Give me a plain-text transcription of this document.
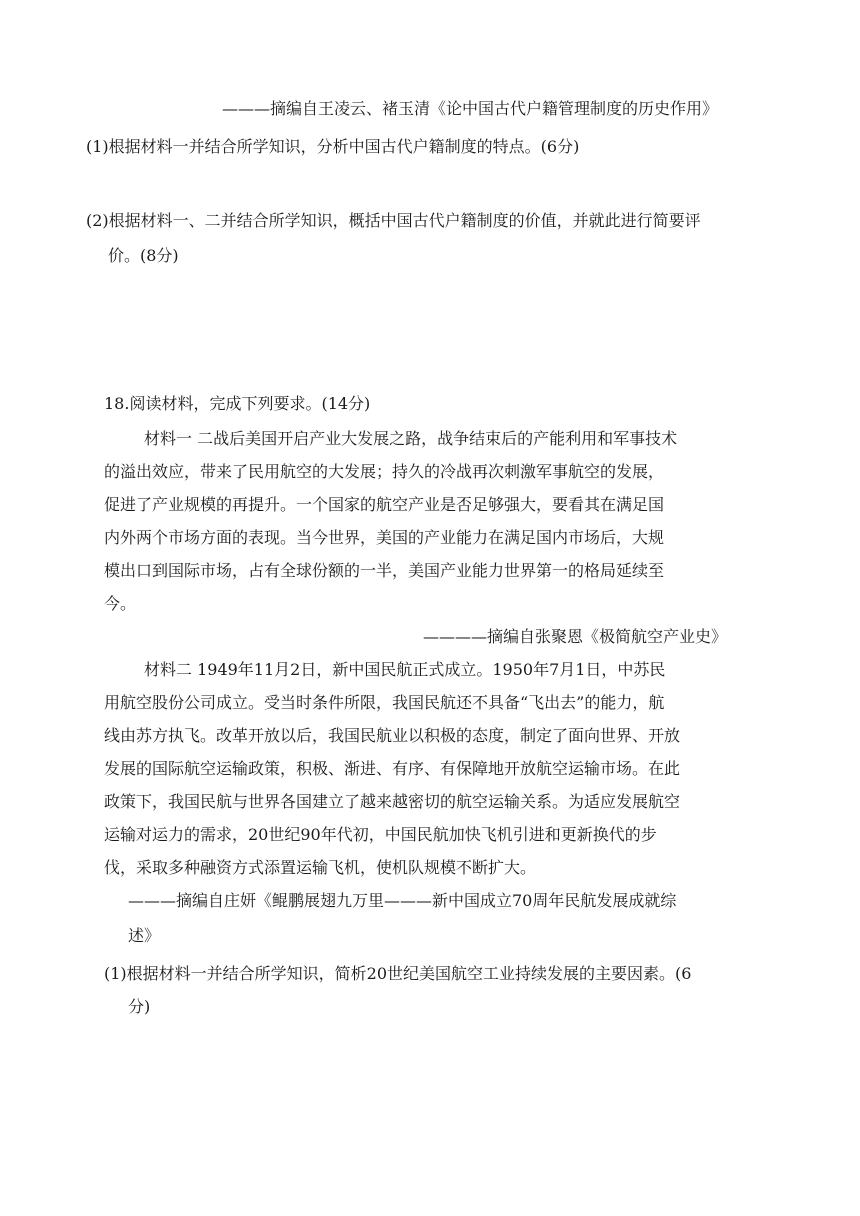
———摘编自王凌云、褚玉清《论中国古代户籍管理制度的历史作用》
(1)根据材料一并结合所学知识，分析中国古代户籍制度的特点。(6分)
(2)根据材料一、二并结合所学知识，概括中国古代户籍制度的价值，并就此进行简要评
价。(8分)
18.阅读材料，完成下列要求。(14分)
材料一 二战后美国开启产业大发展之路，战争结束后的产能利用和军事技术
的溢出效应，带来了民用航空的大发展；持久的冷战再次刺激军事航空的发展，
促进了产业规模的再提升。一个国家的航空产业是否足够强大，要看其在满足国
内外两个市场方面的表现。当今世界，美国的产业能力在满足国内市场后，大规
模出口到国际市场，占有全球份额的一半，美国产业能力世界第一的格局延续至
今。
————摘编自张聚恩《极简航空产业史》
材料二 1949年11月2日，新中国民航正式成立。1950年7月1日，中苏民
用航空股份公司成立。受当时条件所限，我国民航还不具备“飞出去”的能力，航
线由苏方执飞。改革开放以后，我国民航业以积极的态度，制定了面向世界、开放
发展的国际航空运输政策，积极、渐进、有序、有保障地开放航空运输市场。在此
政策下，我国民航与世界各国建立了越来越密切的航空运输关系。为适应发展航空
运输对运力的需求，20世纪90年代初，中国民航加快飞机引进和更新换代的步
伐，采取多种融资方式添置运输飞机，使机队规模不断扩大。
———摘编自庄妍《鲲鹏展翅九万里———新中国成立70周年民航发展成就综
述》
(1)根据材料一并结合所学知识，简析20世纪美国航空工业持续发展的主要因素。(6
分)
